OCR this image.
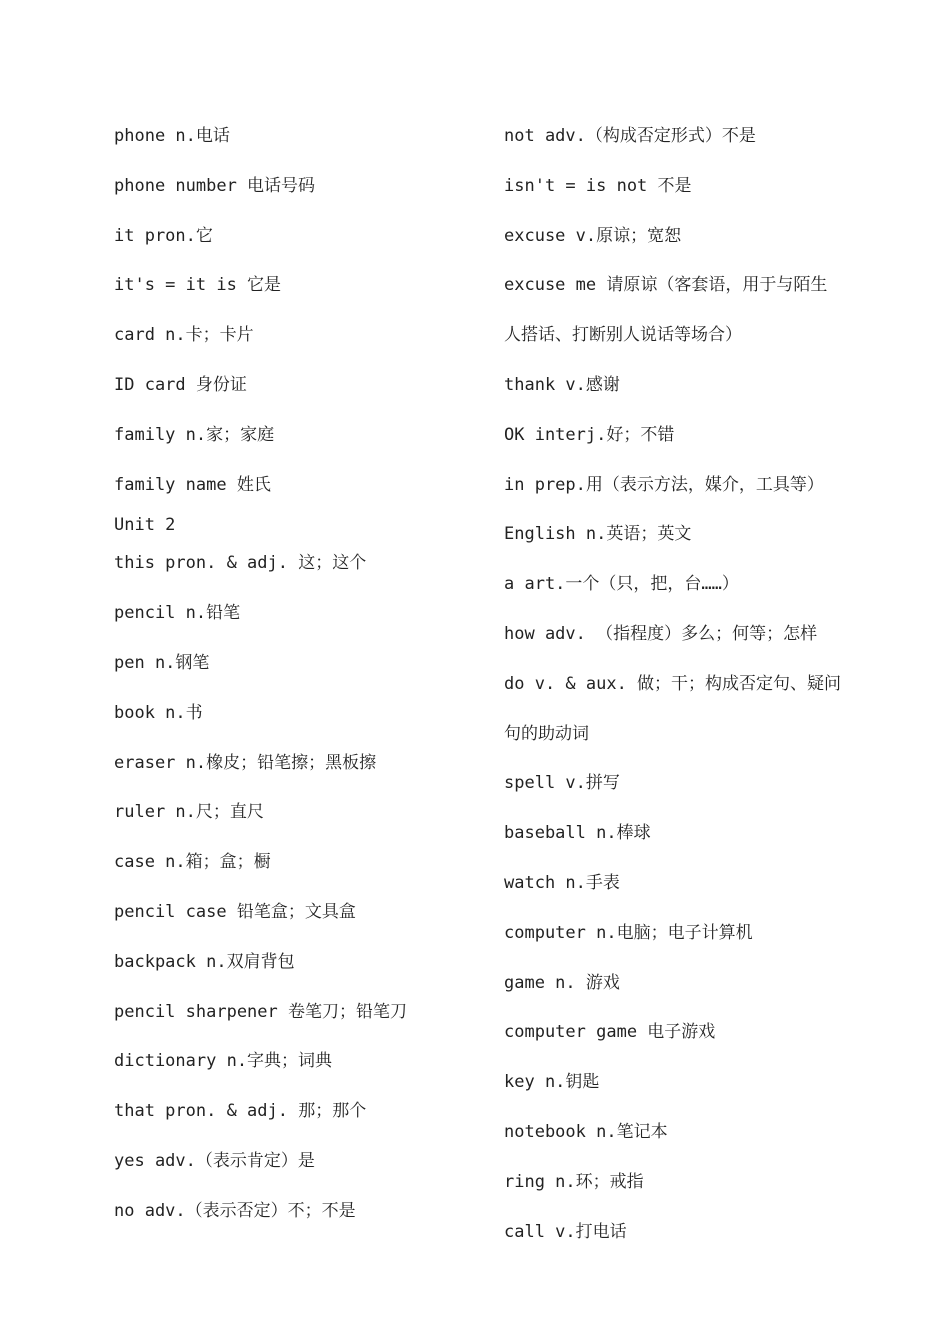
phone n.电话
phone number 电话号码
it pron.它
it's = it is 它是
card n.卡；卡片
ID card 身份证
family n.家；家庭
family name 姓氏
Unit 2
this pron. & adj. 这；这个
pencil n.铅笔
pen n.钢笔
book n.书
eraser n.橡皮；铅笔擦；黑板擦
ruler n.尺；直尺
case n.箱；盒；橱
pencil case 铅笔盒；文具盒
backpack n.双肩背包
pencil sharpener 卷笔刀；铅笔刀
dictionary n.字典；词典
that pron. & adj. 那；那个
yes adv.（表示肯定）是
no adv.（表示否定）不；不是
not adv.（构成否定形式）不是
isn't = is not 不是
excuse v.原谅；宽恕
excuse me 请原谅（客套语，用于与陌生
人搭话、打断别人说话等场合）
thank v.感谢
OK interj.好；不错
in prep.用（表示方法，媒介，工具等）
English n.英语；英文
a art.一个（只，把，台……）
how adv. （指程度）多么；何等；怎样
do v. & aux. 做；干；构成否定句、疑问
句的助动词
spell v.拼写
baseball n.棒球
watch n.手表
computer n.电脑；电子计算机
game n. 游戏
computer game 电子游戏
key n.钥匙
notebook n.笔记本
ring n.环；戒指
call v.打电话
